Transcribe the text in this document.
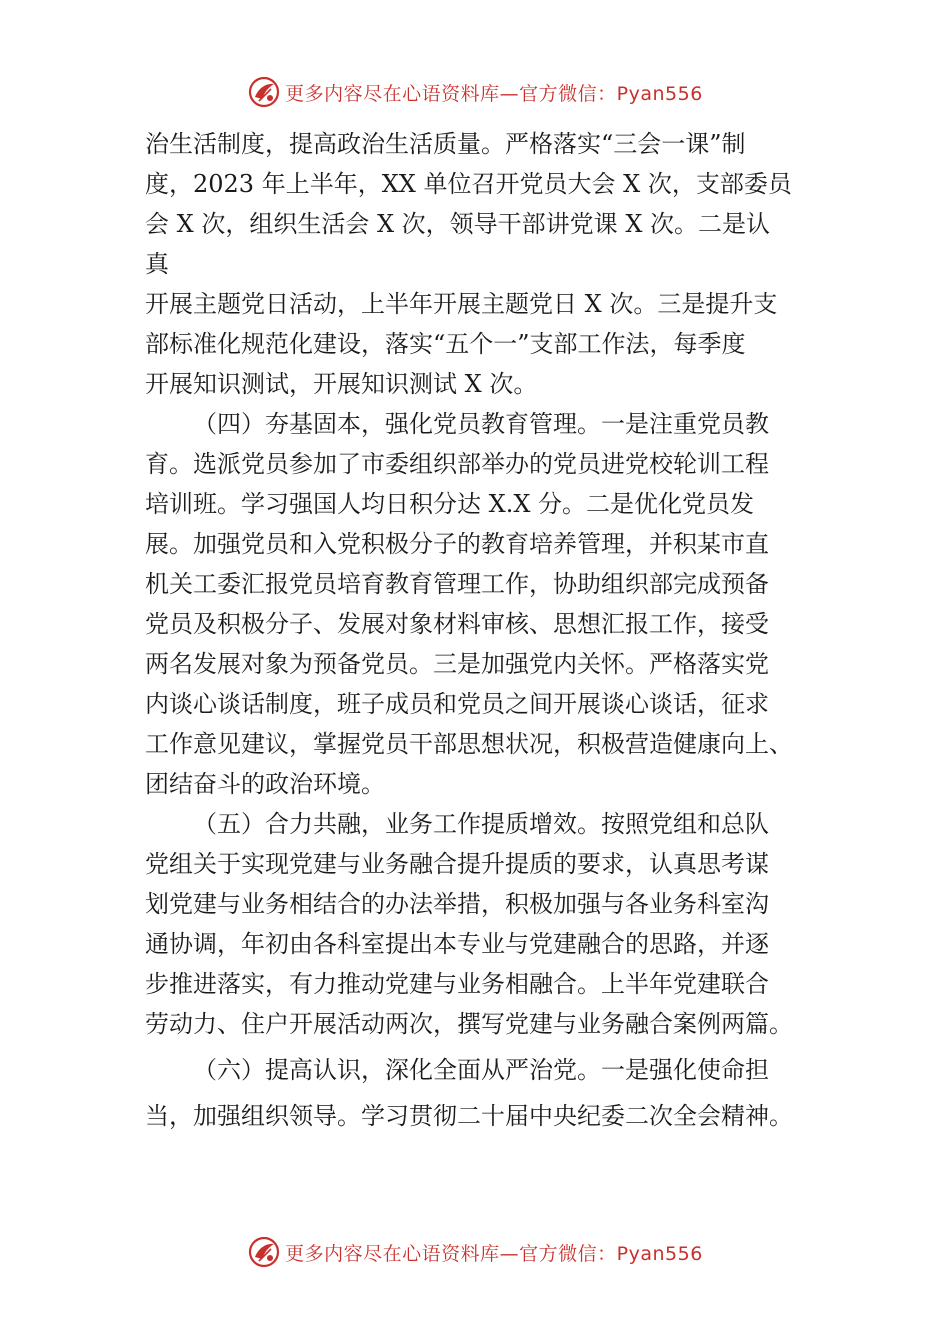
更多内容尽在心语资料库—官方微信：Pyan556
治生活制度，提高政治生活质量。严格落实“三会一课”制
度，2023 年上半年，XX 单位召开党员大会 X 次，支部委员
会 X 次，组织生活会 X 次，领导干部讲党课 X 次。二是认
真
开展主题党日活动，上半年开展主题党日 X 次。三是提升支
部标准化规范化建设，落实“五个一”支部工作法，每季度
开展知识测试，开展知识测试 X 次。
（四）夯基固本，强化党员教育管理。一是注重党员教
育。选派党员参加了市委组织部举办的党员进党校轮训工程
培训班。学习强国人均日积分达 X.X 分。二是优化党员发
展。加强党员和入党积极分子的教育培养管理，并积某市直
机关工委汇报党员培育教育管理工作，协助组织部完成预备
党员及积极分子、发展对象材料审核、思想汇报工作，接受
两名发展对象为预备党员。三是加强党内关怀。严格落实党
内谈心谈话制度，班子成员和党员之间开展谈心谈话，征求
工作意见建议，掌握党员干部思想状况，积极营造健康向上、
团结奋斗的政治环境。
（五）合力共融，业务工作提质增效。按照党组和总队
党组关于实现党建与业务融合提升提质的要求，认真思考谋
划党建与业务相结合的办法举措，积极加强与各业务科室沟
通协调，年初由各科室提出本专业与党建融合的思路，并逐
步推进落实，有力推动党建与业务相融合。上半年党建联合
劳动力、住户开展活动两次，撰写党建与业务融合案例两篇。
（六）提高认识，深化全面从严治党。一是强化使命担
当，加强组织领导。学习贯彻二十届中央纪委二次全会精神。
更多内容尽在心语资料库—官方微信：Pyan556
